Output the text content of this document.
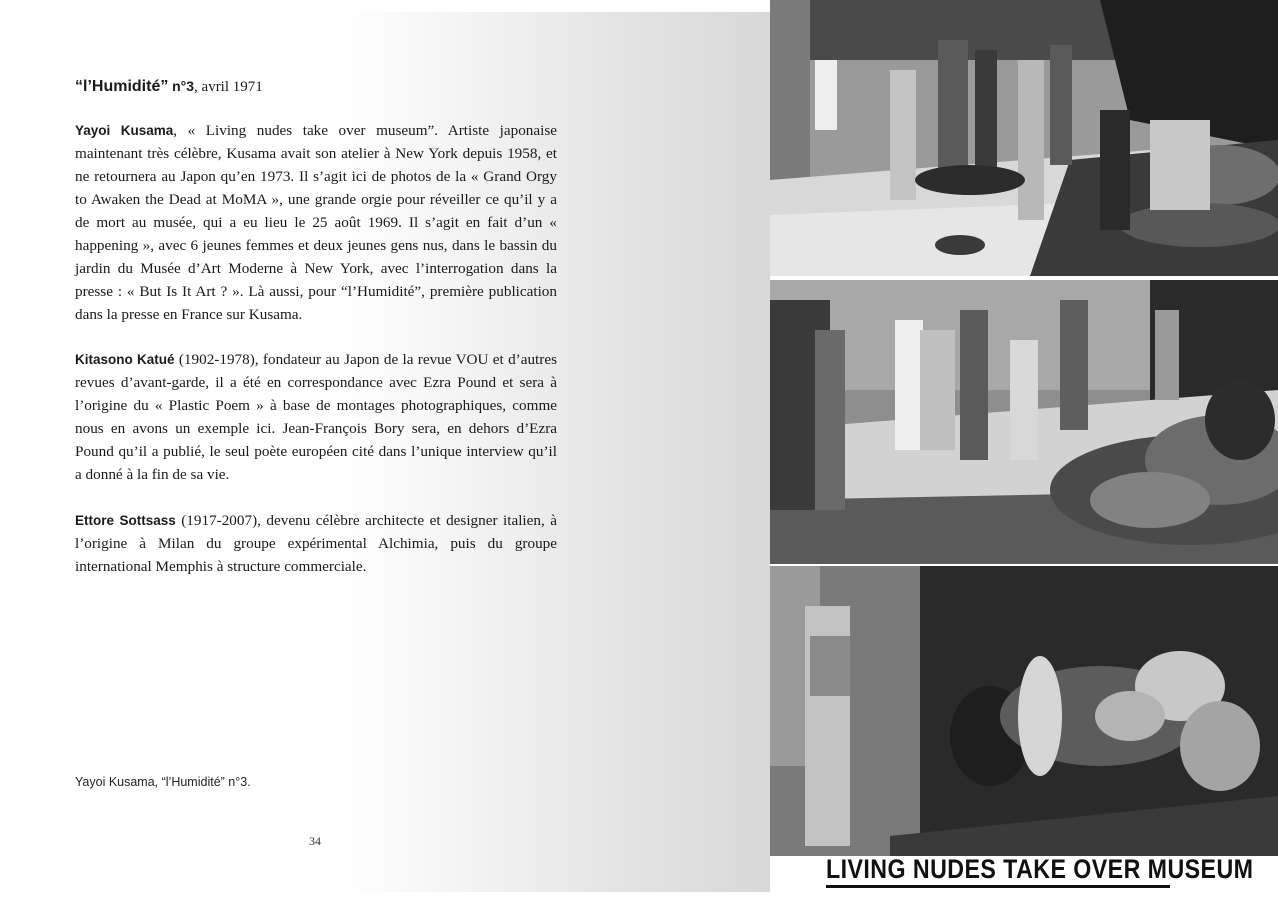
“l’Humidité” n°3, avril 1971

Yayoi Kusama, « Living nudes take over museum”. Artiste japonaise maintenant très célèbre, Kusama avait son atelier à New York depuis 1958, et ne retournera au Japon qu’en 1973. Il s’agit ici de photos de la « Grand Orgy to Awaken the Dead at MoMA », une grande orgie pour réveiller ce qu’il y a de mort au musée, qui a eu lieu le 25 août 1969. Il s’agit en fait d’un « happening », avec 6 jeunes femmes et deux jeunes gens nus, dans le bassin du jardin du Musée d’Art Moderne à New York, avec l’interrogation dans la presse : « But Is It Art ? ». Là aussi, pour “l’Humidité”, première publication dans la presse en France sur Kusama.

Kitasono Katué (1902-1978), fondateur au Japon de la revue VOU et d’autres revues d’avant-garde, il a été en correspondance avec Ezra Pound et sera à l’origine du « Plastic Poem » à base de montages photographiques, comme nous en avons un exemple ici. Jean-François Bory sera, en dehors d’Ezra Pound qu’il a publié, le seul poète européen cité dans l’unique interview qu’il a donné à la fin de sa vie.

Ettore Sottsass (1917-2007), devenu célèbre architecte et designer italien, à l’origine à Milan du groupe expérimental Alchimia, puis du groupe international Memphis à structure commerciale.

Yayoi Kusama, “l’Humidité” n°3.
34
LIVING NUDES TAKE OVER MUSEUM
